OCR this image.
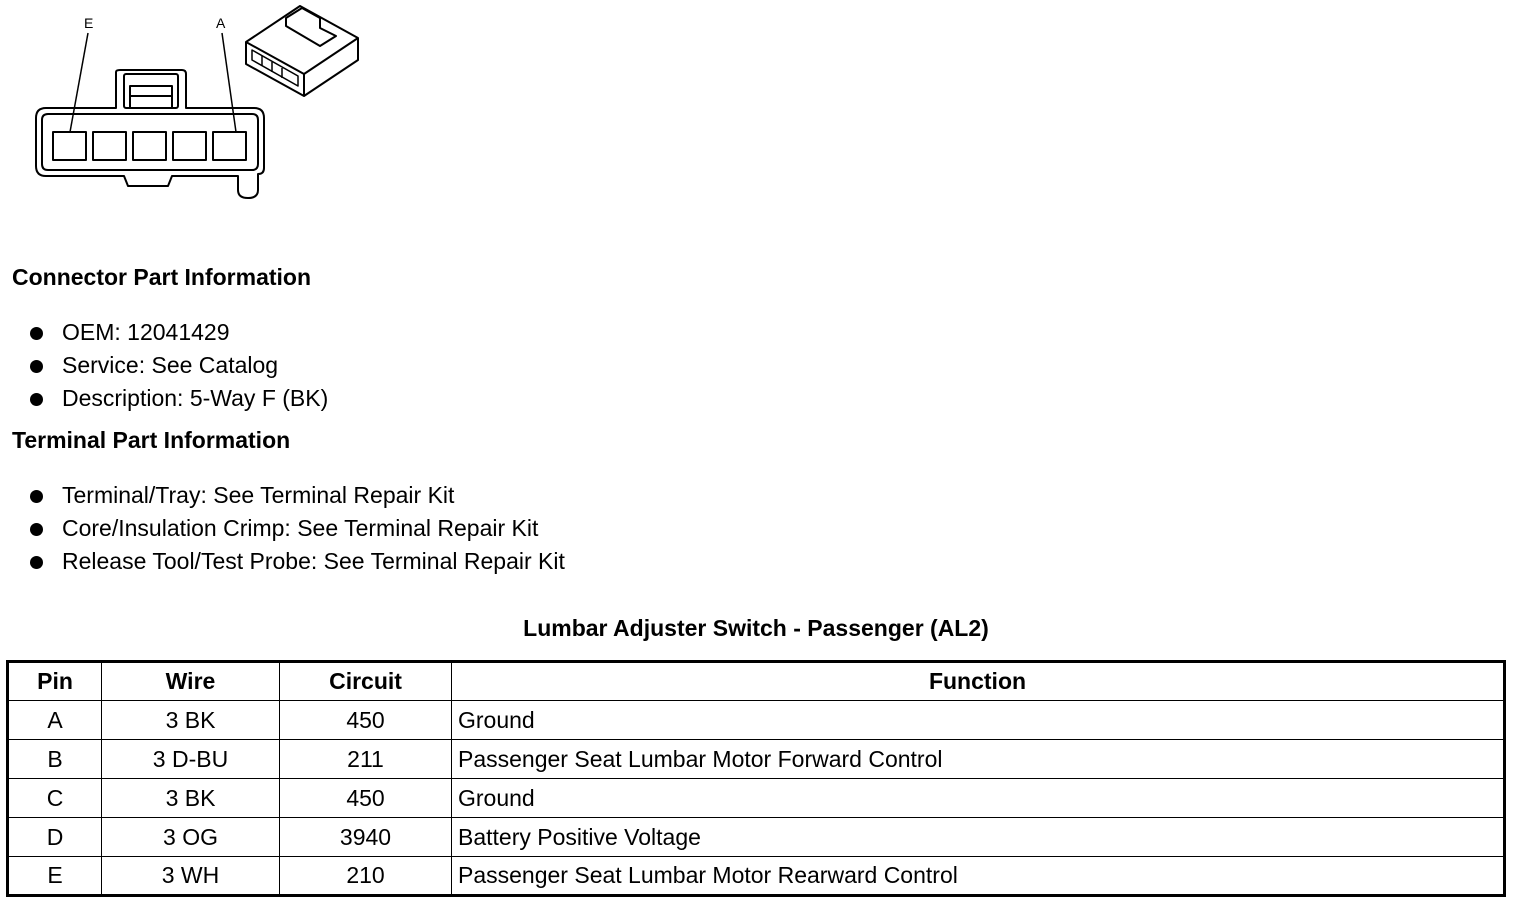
E	A
Connector Part Information
OEM: 12041429
Service: See Catalog
Description: 5-Way F (BK)
Terminal Part Information
Terminal/Tray: See Terminal Repair Kit
Core/Insulation Crimp: See Terminal Repair Kit
Release Tool/Test Probe: See Terminal Repair Kit
Lumbar Adjuster Switch - Passenger (AL2)
Pin	Wire	Circuit	Function
A	3 BK	450	Ground
B	3 D-BU	211	Passenger Seat Lumbar Motor Forward Control
C	3 BK	450	Ground
D	3 OG	3940	Battery Positive Voltage
E	3 WH	210	Passenger Seat Lumbar Motor Rearward Control
